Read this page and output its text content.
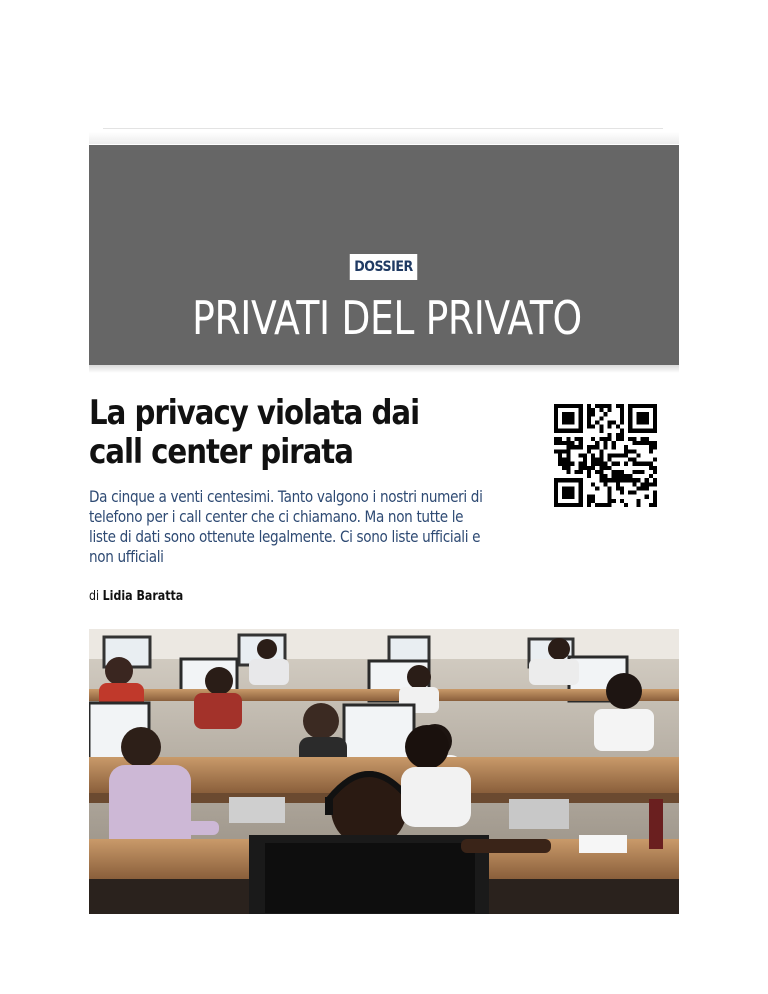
DOSSIER
PRIVATI DEL PRIVATO
La privacy violata dai call center pirata

Da cinque a venti centesimi. Tanto valgono i nostri numeri di telefono per i call center che ci chiamano. Ma non tutte le liste di dati sono ottenute legalmente. Ci sono liste ufficiali e non ufficiali

di Lidia Baratta
